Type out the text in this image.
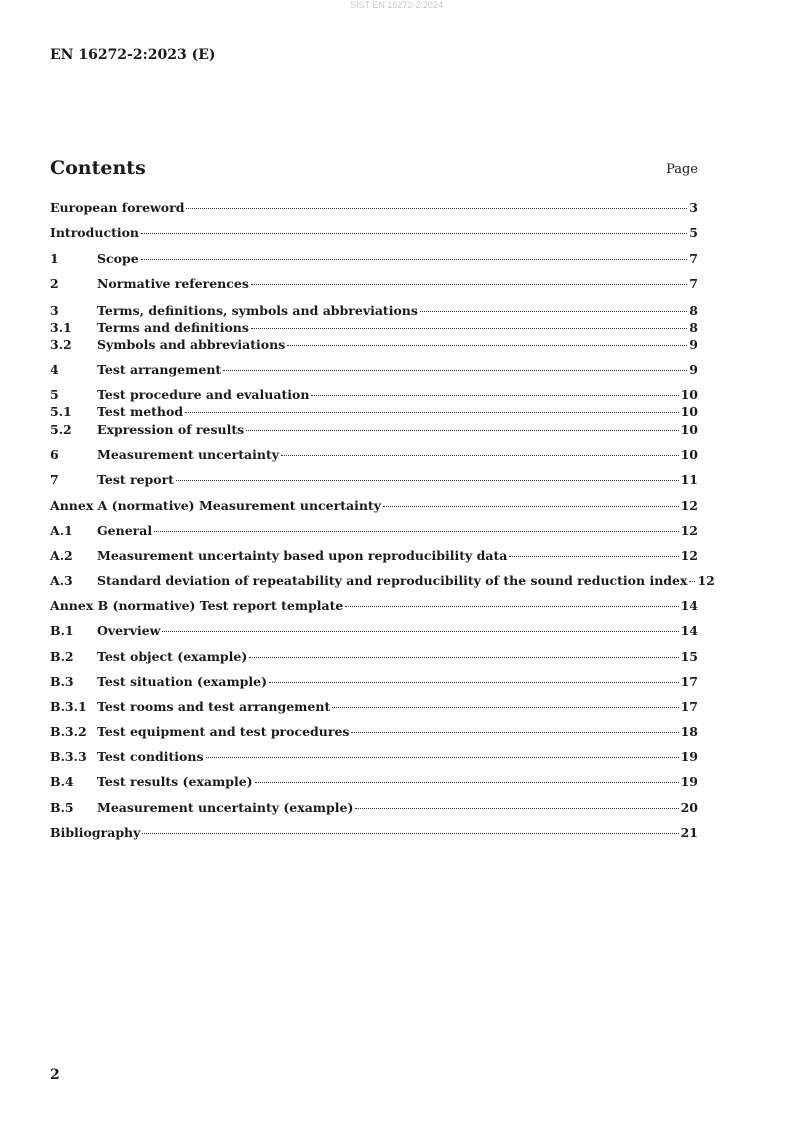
SIST EN 16272-2:2024
EN 16272-2:2023 (E)
Contents	Page
European foreword	3
Introduction	5
1	Scope	7
2	Normative references	7
3	Terms, definitions, symbols and abbreviations	8
3.1	Terms and definitions	8
3.2	Symbols and abbreviations	9
4	Test arrangement	9
5	Test procedure and evaluation	10
5.1	Test method	10
5.2	Expression of results	10
6	Measurement uncertainty	10
7	Test report	11
Annex A (normative) Measurement uncertainty	12
A.1	General	12
A.2	Measurement uncertainty based upon reproducibility data	12
A.3	Standard deviation of repeatability and reproducibility of the sound reduction index 12
Annex B (normative) Test report template	14
B.1	Overview	14
B.2	Test object (example)	15
B.3	Test situation (example)	17
B.3.1 Test rooms and test arrangement	17
B.3.2 Test equipment and test procedures	18
B.3.3 Test conditions	19
B.4	Test results (example)	19
B.5	Measurement uncertainty (example)	20
Bibliography	21
2
